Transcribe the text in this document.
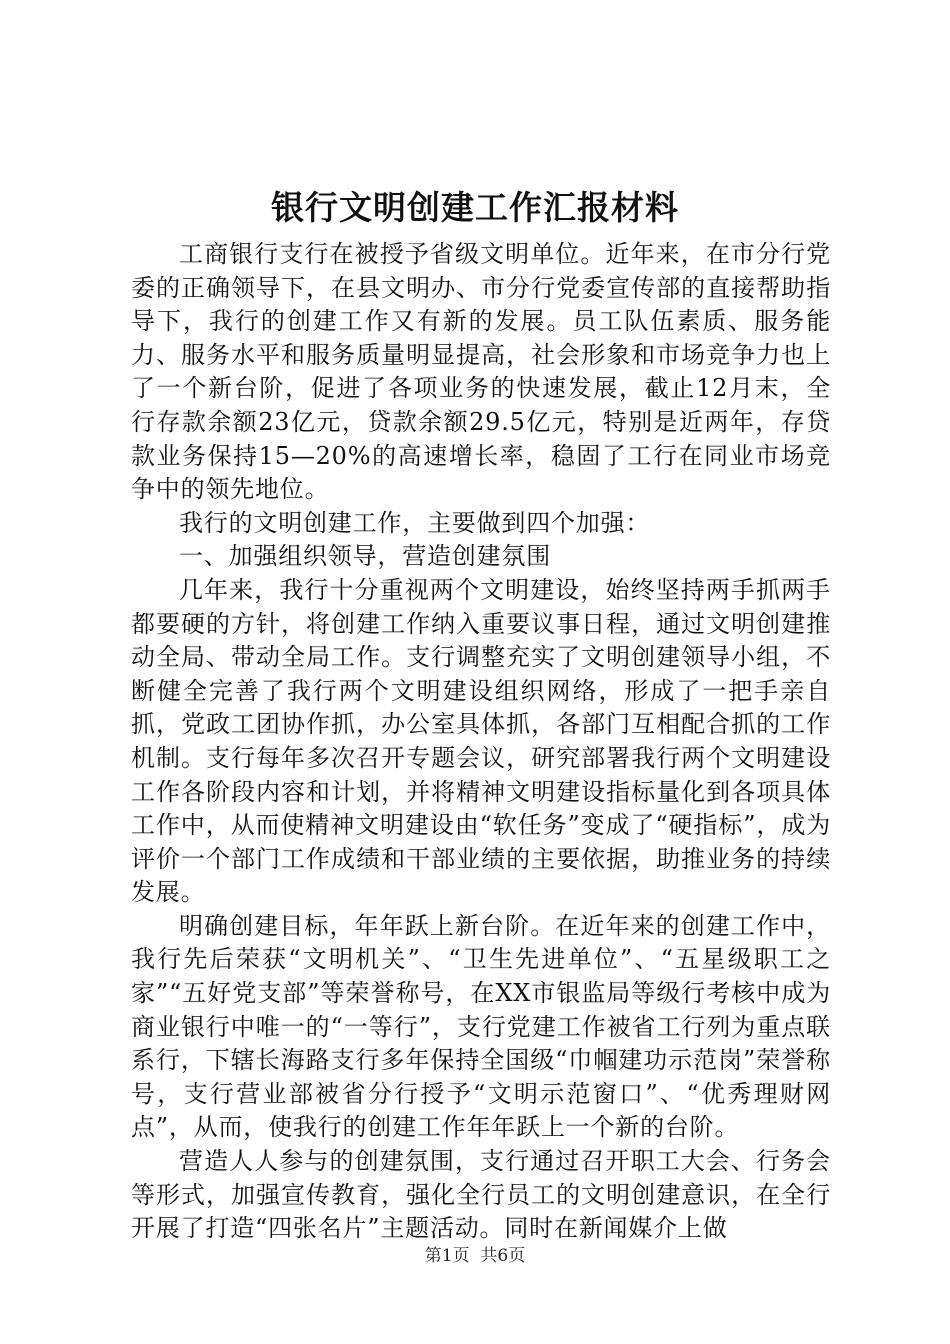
银行文明创建工作汇报材料

工商银行支行在被授予省级文明单位。近年来，在市分行党委的正确领导下，在县文明办、市分行党委宣传部的直接帮助指导下，我行的创建工作又有新的发展。员工队伍素质、服务能力、服务水平和服务质量明显提高，社会形象和市场竞争力也上了一个新台阶，促进了各项业务的快速发展，截止12月末，全行存款余额23亿元，贷款余额29.5亿元，特别是近两年，存贷款业务保持15—20%的高速增长率，稳固了工行在同业市场竞争中的领先地位。

我行的文明创建工作，主要做到四个加强：

一、加强组织领导，营造创建氛围

几年来，我行十分重视两个文明建设，始终坚持两手抓两手都要硬的方针，将创建工作纳入重要议事日程，通过文明创建推动全局、带动全局工作。支行调整充实了文明创建领导小组，不断健全完善了我行两个文明建设组织网络，形成了一把手亲自抓，党政工团协作抓，办公室具体抓，各部门互相配合抓的工作机制。支行每年多次召开专题会议，研究部署我行两个文明建设工作各阶段内容和计划，并将精神文明建设指标量化到各项具体工作中，从而使精神文明建设由“软任务”变成了“硬指标”，成为评价一个部门工作成绩和干部业绩的主要依据，助推业务的持续发展。

明确创建目标，年年跃上新台阶。在近年来的创建工作中，我行先后荣获“文明机关”、“卫生先进单位”、“五星级职工之家”“五好党支部”等荣誉称号，在XX市银监局等级行考核中成为商业银行中唯一的“一等行”，支行党建工作被省工行列为重点联系行，下辖长海路支行多年保持全国级“巾帼建功示范岗”荣誉称号，支行营业部被省分行授予“文明示范窗口”、“优秀理财网点”，从而，使我行的创建工作年年跃上一个新的台阶。

营造人人参与的创建氛围，支行通过召开职工大会、行务会等形式，加强宣传教育，强化全行员工的文明创建意识，在全行开展了打造“四张名片”主题活动。同时在新闻媒介上做

第1页 共6页
